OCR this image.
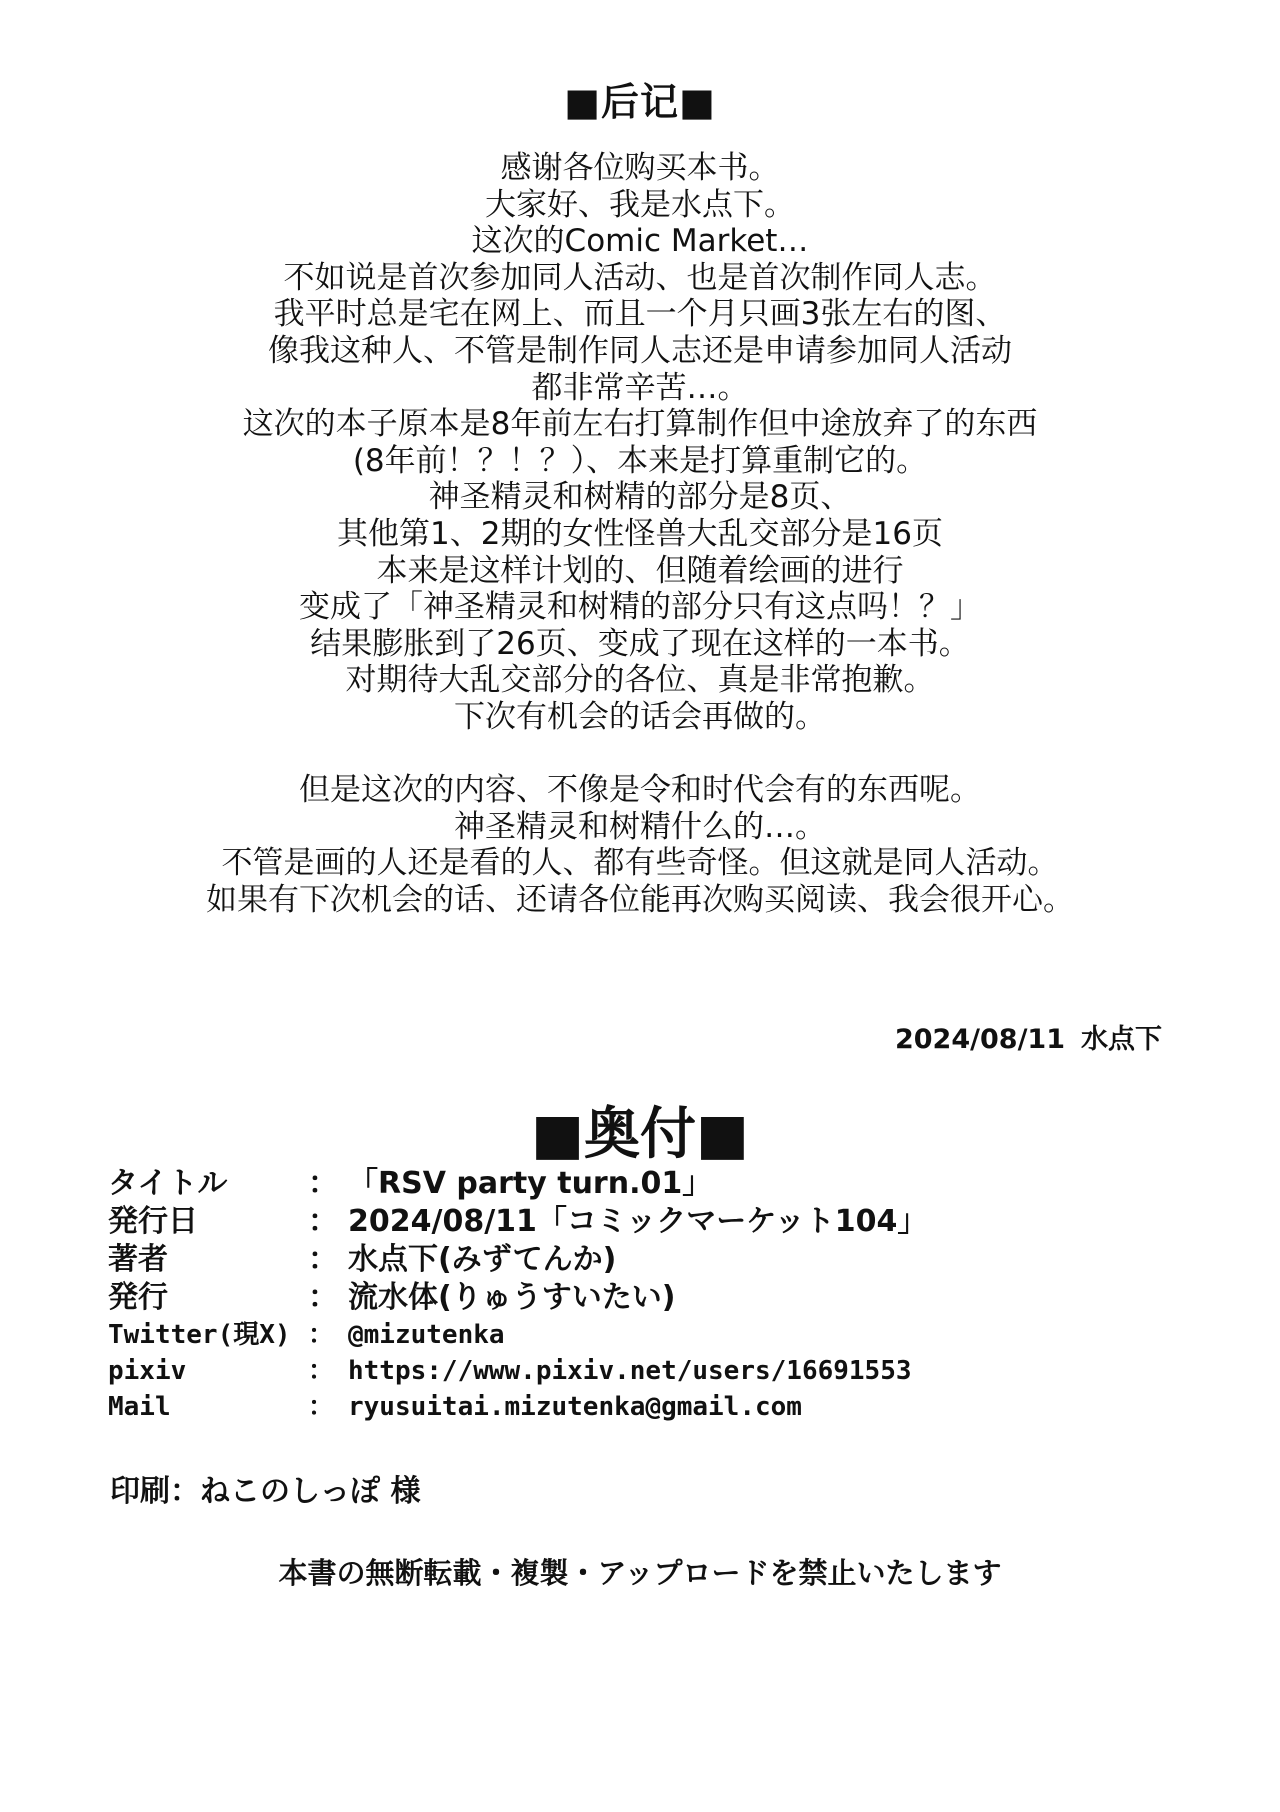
■后记■
感谢各位购买本书。
大家好、我是水点下。
这次的Comic Market…
不如说是首次参加同人活动、也是首次制作同人志。
我平时总是宅在网上、而且一个月只画3张左右的图、
像我这种人、不管是制作同人志还是申请参加同人活动
都非常辛苦…。
这次的本子原本是8年前左右打算制作但中途放弃了的东西
(8年前！？！？）、本来是打算重制它的。
神圣精灵和树精的部分是8页、
其他第1、2期的女性怪兽大乱交部分是16页
本来是这样计划的、但随着绘画的进行
变成了「神圣精灵和树精的部分只有这点吗！？」
结果膨胀到了26页、变成了现在这样的一本书。
对期待大乱交部分的各位、真是非常抱歉。
下次有机会的话会再做的。
但是这次的内容、不像是令和时代会有的东西呢。
神圣精灵和树精什么的…。
不管是画的人还是看的人、都有些奇怪。但这就是同人活动。
如果有下次机会的话、还请各位能再次购买阅读、我会很开心。
2024/08/11 水点下
■奥付■
タイトル	：	「RSV party turn.01」
発行日	：	2024/08/11「コミックマーケット104」
著者	：	水点下(みずてんか)
発行	：	流水体(りゅうすいたい)
Twitter(現X)	：	@mizutenka
pixiv	：	https://www.pixiv.net/users/16691553
Mail	：	ryusuitai.mizutenka@gmail.com
印刷：ねこのしっぽ 様
本書の無断転載・複製・アップロードを禁止いたします
